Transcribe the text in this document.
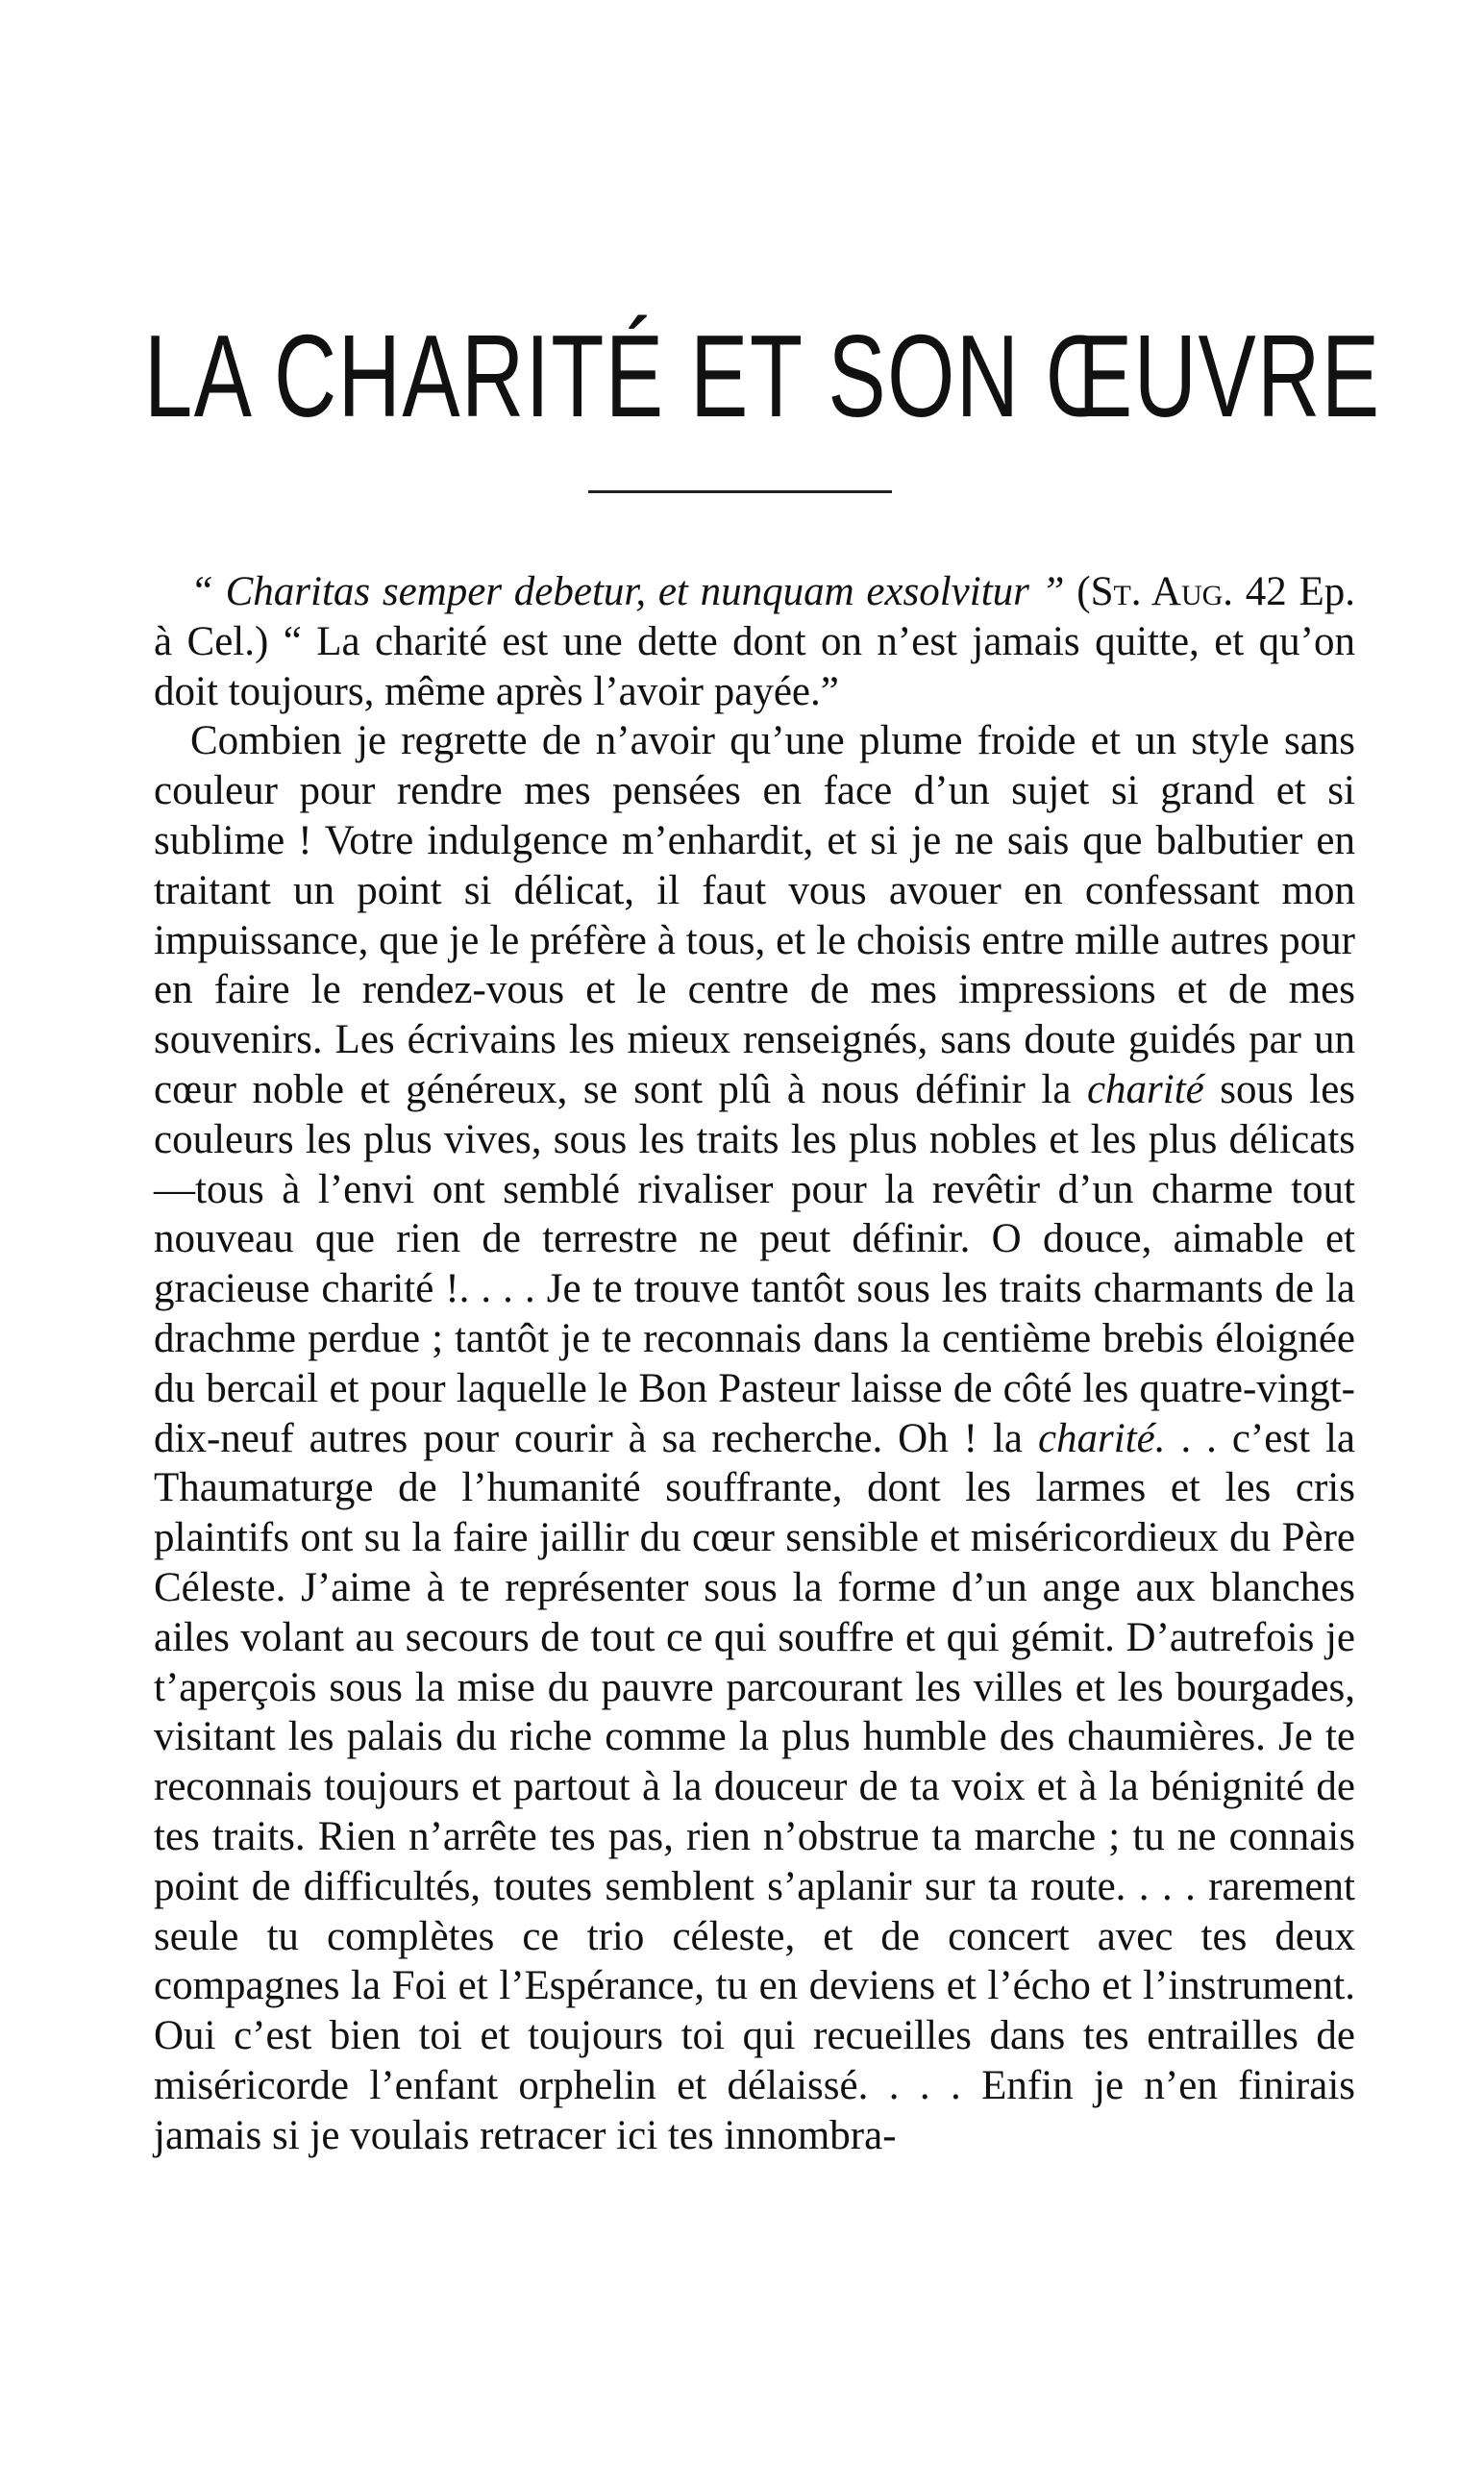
LA CHARITÉ ET SON ŒUVRE

“ Charitas semper debetur, et nunquam exsolvitur ” (St. Aug. 42 Ep. à Cel.) “ La charité est une dette dont on n’est jamais quitte, et qu’on doit toujours, même après l’avoir payée.”

Combien je regrette de n’avoir qu’une plume froide et un style sans couleur pour rendre mes pensées en face d’un sujet si grand et si sublime ! Votre indulgence m’enhardit, et si je ne sais que balbutier en traitant un point si délicat, il faut vous avouer en confessant mon impuissance, que je le préfère à tous, et le choisis entre mille autres pour en faire le rendez-vous et le centre de mes impressions et de mes souvenirs. Les écrivains les mieux renseignés, sans doute guidés par un cœur noble et généreux, se sont plû à nous définir la charité sous les couleurs les plus vives, sous les traits les plus nobles et les plus délicats—tous à l’envi ont semblé rivaliser pour la revêtir d’un charme tout nouveau que rien de terrestre ne peut définir. O douce, aimable et gracieuse charité !. . . . Je te trouve tantôt sous les traits charmants de la drachme perdue ; tantôt je te reconnais dans la centième brebis éloignée du bercail et pour laquelle le Bon Pasteur laisse de côté les quatre-vingt-dix-neuf autres pour courir à sa recherche. Oh ! la charité. . . c’est la Thaumaturge de l’humanité souffrante, dont les larmes et les cris plaintifs ont su la faire jaillir du cœur sensible et miséricordieux du Père Céleste. J’aime à te représenter sous la forme d’un ange aux blanches ailes volant au secours de tout ce qui souffre et qui gémit. D’autrefois je t’aperçois sous la mise du pauvre parcourant les villes et les bourgades, visitant les palais du riche comme la plus humble des chaumières. Je te reconnais toujours et partout à la douceur de ta voix et à la bénignité de tes traits. Rien n’arrête tes pas, rien n’obstrue ta marche ; tu ne connais point de difficultés, toutes semblent s’aplanir sur ta route. . . . rarement seule tu complètes ce trio céleste, et de concert avec tes deux compagnes la Foi et l’Espérance, tu en deviens et l’écho et l’instrument. Oui c’est bien toi et toujours toi qui recueilles dans tes entrailles de miséricorde l’enfant orphelin et délaissé. . . . Enfin je n’en finirais jamais si je voulais retracer ici tes innombra-
